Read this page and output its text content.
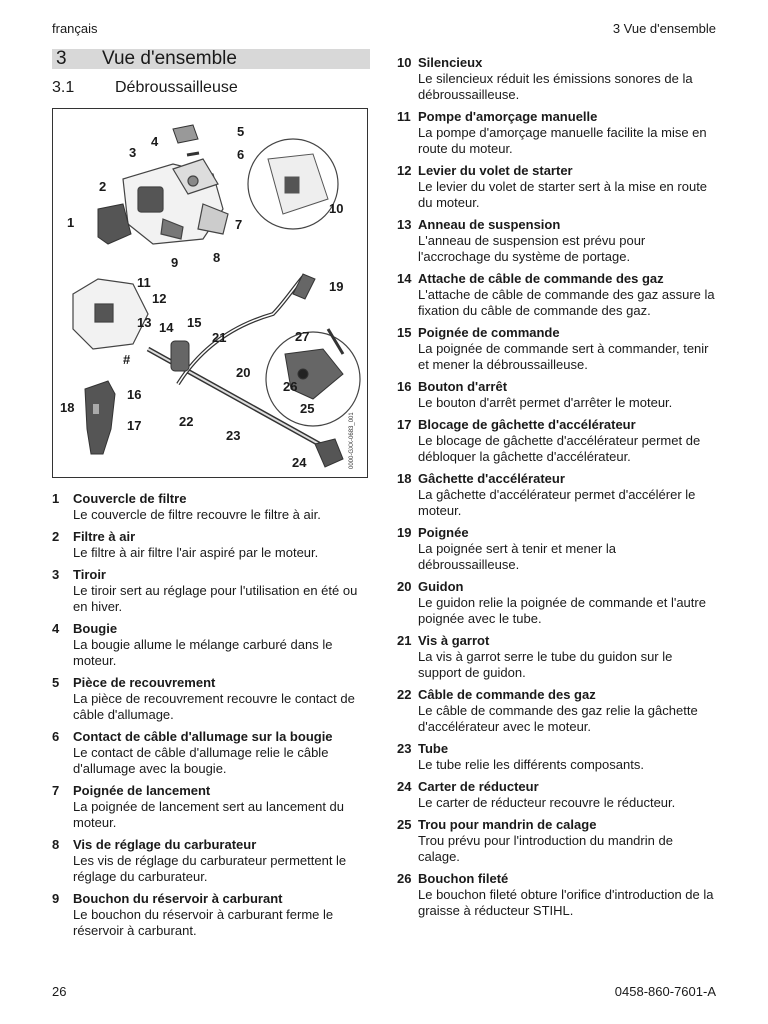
français	3 Vue d'ensemble
3 Vue d'ensemble
3.1	Débroussailleuse
1
2
3
4
5
6
7
8
9
10
11
12
13 14 15
16
17
18
19
20
21
22
23
24
25
26
27
#
0000-GXX-0683_001
1	Couvercle de filtre
Le couvercle de filtre recouvre le filtre à air.
2	Filtre à air
Le filtre à air filtre l'air aspiré par le moteur.
3	Tiroir
Le tiroir sert au réglage pour l'utilisation en été ou en hiver.
4	Bougie
La bougie allume le mélange carburé dans le moteur.
5	Pièce de recouvrement
La pièce de recouvrement recouvre le contact de câble d'allumage.
6	Contact de câble d'allumage sur la bougie
Le contact de câble d'allumage relie le câble d'allumage avec la bougie.
7	Poignée de lancement
La poignée de lancement sert au lancement du moteur.
8	Vis de réglage du carburateur
Les vis de réglage du carburateur permettent le réglage du carburateur.
9	Bouchon du réservoir à carburant
Le bouchon du réservoir à carburant ferme le réservoir à carburant.
10 Silencieux
Le silencieux réduit les émissions sonores de la débroussailleuse.
11 Pompe d'amorçage manuelle
La pompe d'amorçage manuelle facilite la mise en route du moteur.
12 Levier du volet de starter
Le levier du volet de starter sert à la mise en route du moteur.
13 Anneau de suspension
L'anneau de suspension est prévu pour l'accrochage du système de portage.
14 Attache de câble de commande des gaz
L'attache de câble de commande des gaz assure la fixation du câble de commande des gaz.
15 Poignée de commande
La poignée de commande sert à commander, tenir et mener la débroussailleuse.
16 Bouton d'arrêt
Le bouton d'arrêt permet d'arrêter le moteur.
17 Blocage de gâchette d'accélérateur
Le blocage de gâchette d'accélérateur permet de débloquer la gâchette d'accélérateur.
18 Gâchette d'accélérateur
La gâchette d'accélérateur permet d'accélérer le moteur.
19 Poignée
La poignée sert à tenir et mener la débroussailleuse.
20 Guidon
Le guidon relie la poignée de commande et l'autre poignée avec le tube.
21 Vis à garrot
La vis à garrot serre le tube du guidon sur le support de guidon.
22 Câble de commande des gaz
Le câble de commande des gaz relie la gâchette d'accélérateur avec le moteur.
23 Tube
Le tube relie les différents composants.
24 Carter de réducteur
Le carter de réducteur recouvre le réducteur.
25 Trou pour mandrin de calage
Trou prévu pour l'introduction du mandrin de calage.
26 Bouchon fileté
Le bouchon fileté obture l'orifice d'introduction de la graisse à réducteur STIHL.
26	0458-860-7601-A
